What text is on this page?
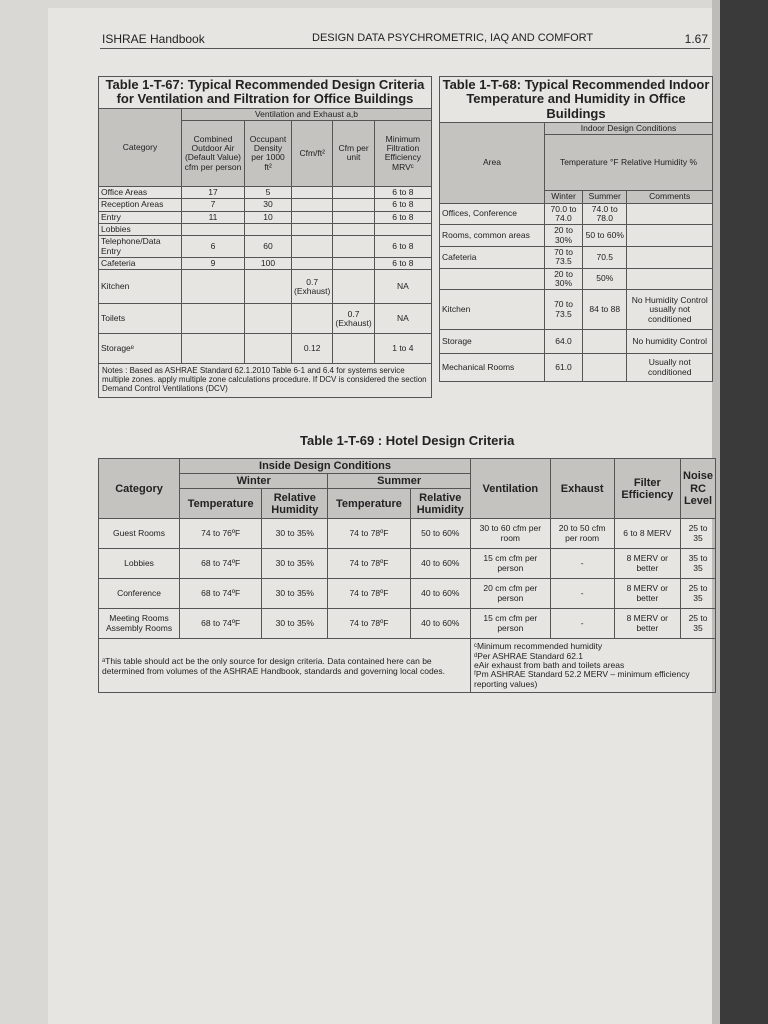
ISHRAE Handbook	DESIGN DATA PSYCHROMETRIC, IAQ AND COMFORT	1.67
Table 1-T-67: Typical Recommended Design Criteria for Ventilation and Filtration for Office Buildings					
Category	Ventilation and Exhaust a,b				
	Combined Outdoor Air (Default Value) cfm per person	Occupant Density per 1000 ft²	Cfm/ft²	Cfm per unit	Minimum Filtration Efficiency MRVᶜ
Office Areas	17	5			6 to 8
Reception Areas	7	30			6 to 8
Entry	11	10			6 to 8
Lobbies					
Telephone/Data Entry	6	60			6 to 8
Cafeteria	9	100			6 to 8
Kitchen			0.7 (Exhaust)		NA
Toilets				0.7 (Exhaust)	NA
Storageᵉ			0.12		1 to 4
Notes : Based as ASHRAE Standard 62.1.2010 Table 6-1 and 6.4 for systems service multiple zones. apply multiple zone calculations procedure. If DCV is considered the section Demand Control Ventilations (DCV)					
Table 1-T-68: Typical Recommended Indoor Temperature and Humidity in Office Buildings			
Area	Indoor Design Conditions		
	Temperature °F Relative Humidity %		
	Winter	Summer	Comments
Offices, Conference	70.0 to 74.0	74.0 to 78.0	
Rooms, common areas	20 to 30%	50 to 60%	
Cafeteria	70 to 73.5	70.5	
	20 to 30%	50%	
Kitchen	70 to 73.5	84 to 88	No Humidity Control usually not conditioned
Storage	64.0		No humidity Control
Mechanical Rooms	61.0		Usually not conditioned
Table 1-T-69 : Hotel Design Criteria
Category	Inside Design Conditions				Ventilation	Exhaust	Filter Efficiency	Noise RC Level
	Winter		Summer					
	Temperature	Relative Humidity	Temperature	Relative Humidity				
Guest Rooms	74 to 76ºF	30 to 35%	74 to 78ºF	50 to 60%	30 to 60 cfm per room	20 to 50 cfm per room	6 to 8 MERV	25 to 35
Lobbies	68 to 74ºF	30 to 35%	74 to 78ºF	40 to 60%	15 cm cfm per person	-	8 MERV or better	35 to 35
Conference	68 to 74ºF	30 to 35%	74 to 78ºF	40 to 60%	20 cm cfm per person	-	8 MERV or better	25 to 35
Meeting Rooms Assembly Rooms	68 to 74ºF	30 to 35%	74 to 78ºF	40 to 60%	15 cm cfm per person	-	8 MERV or better	25 to 35
ᵃThis table should act be the only source for design criteria. Data contained here can be determined from volumes of the ASHRAE Handbook, standards and governing local codes.					ᶜMinimum recommended humidity
ᵈPer ASHRAE Standard 62.1
eAir exhaust from bath and toilets areas
ᶠPm ASHRAE Standard 52.2 MERV – minimum efficiency reporting values)			
